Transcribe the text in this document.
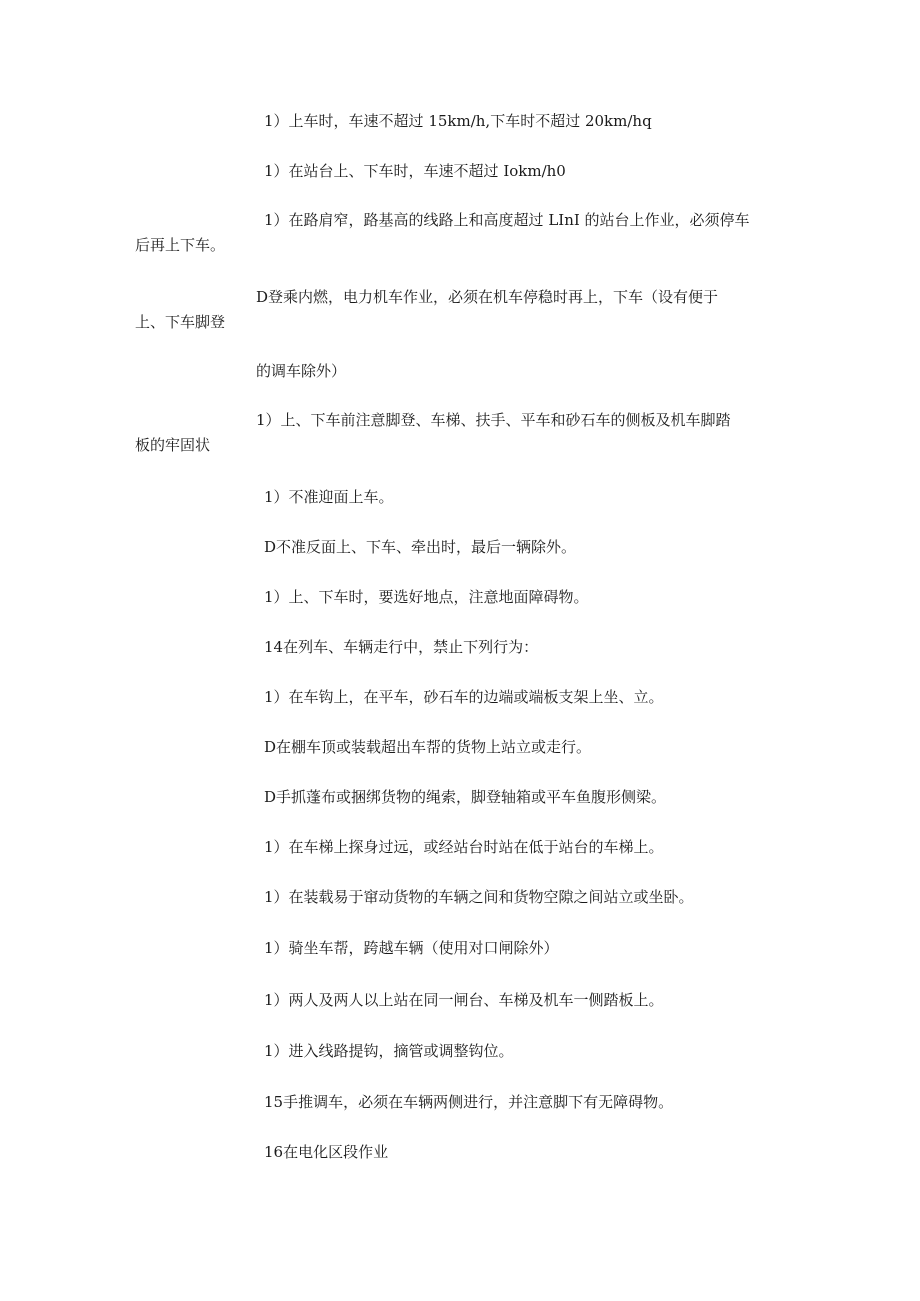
1）上车时，车速不超过 15km∕h,下车时不超过 20km∕hq
1）在站台上、下车时，车速不超过 Iokm∕h0
1）在路肩窄，路基高的线路上和高度超过 LInI 的站台上作业，必须停车
后再上下车。
D登乘内燃，电力机车作业，必须在机车停稳时再上，下车（设有便于
上、下车脚登
的调车除外）
1）上、下车前注意脚登、车梯、扶手、平车和砂石车的侧板及机车脚踏
板的牢固状
1）不准迎面上车。
D不准反面上、下车、牵出时，最后一辆除外。
1）上、下车时，要选好地点，注意地面障碍物。
14在列车、车辆走行中，禁止下列行为：
1）在车钩上，在平车，砂石车的边端或端板支架上坐、立。
D在棚车顶或装载超出车帮的货物上站立或走行。
D手抓蓬布或捆绑货物的绳索，脚登轴箱或平车鱼腹形侧梁。
1）在车梯上探身过远，或经站台时站在低于站台的车梯上。
1）在装载易于窜动货物的车辆之间和货物空隙之间站立或坐卧。
1）骑坐车帮，跨越车辆（使用对口闸除外）
1）两人及两人以上站在同一闸台、车梯及机车一侧踏板上。
1）进入线路提钩，摘管或调整钩位。
15手推调车，必须在车辆两侧进行，并注意脚下有无障碍物。
16在电化区段作业
